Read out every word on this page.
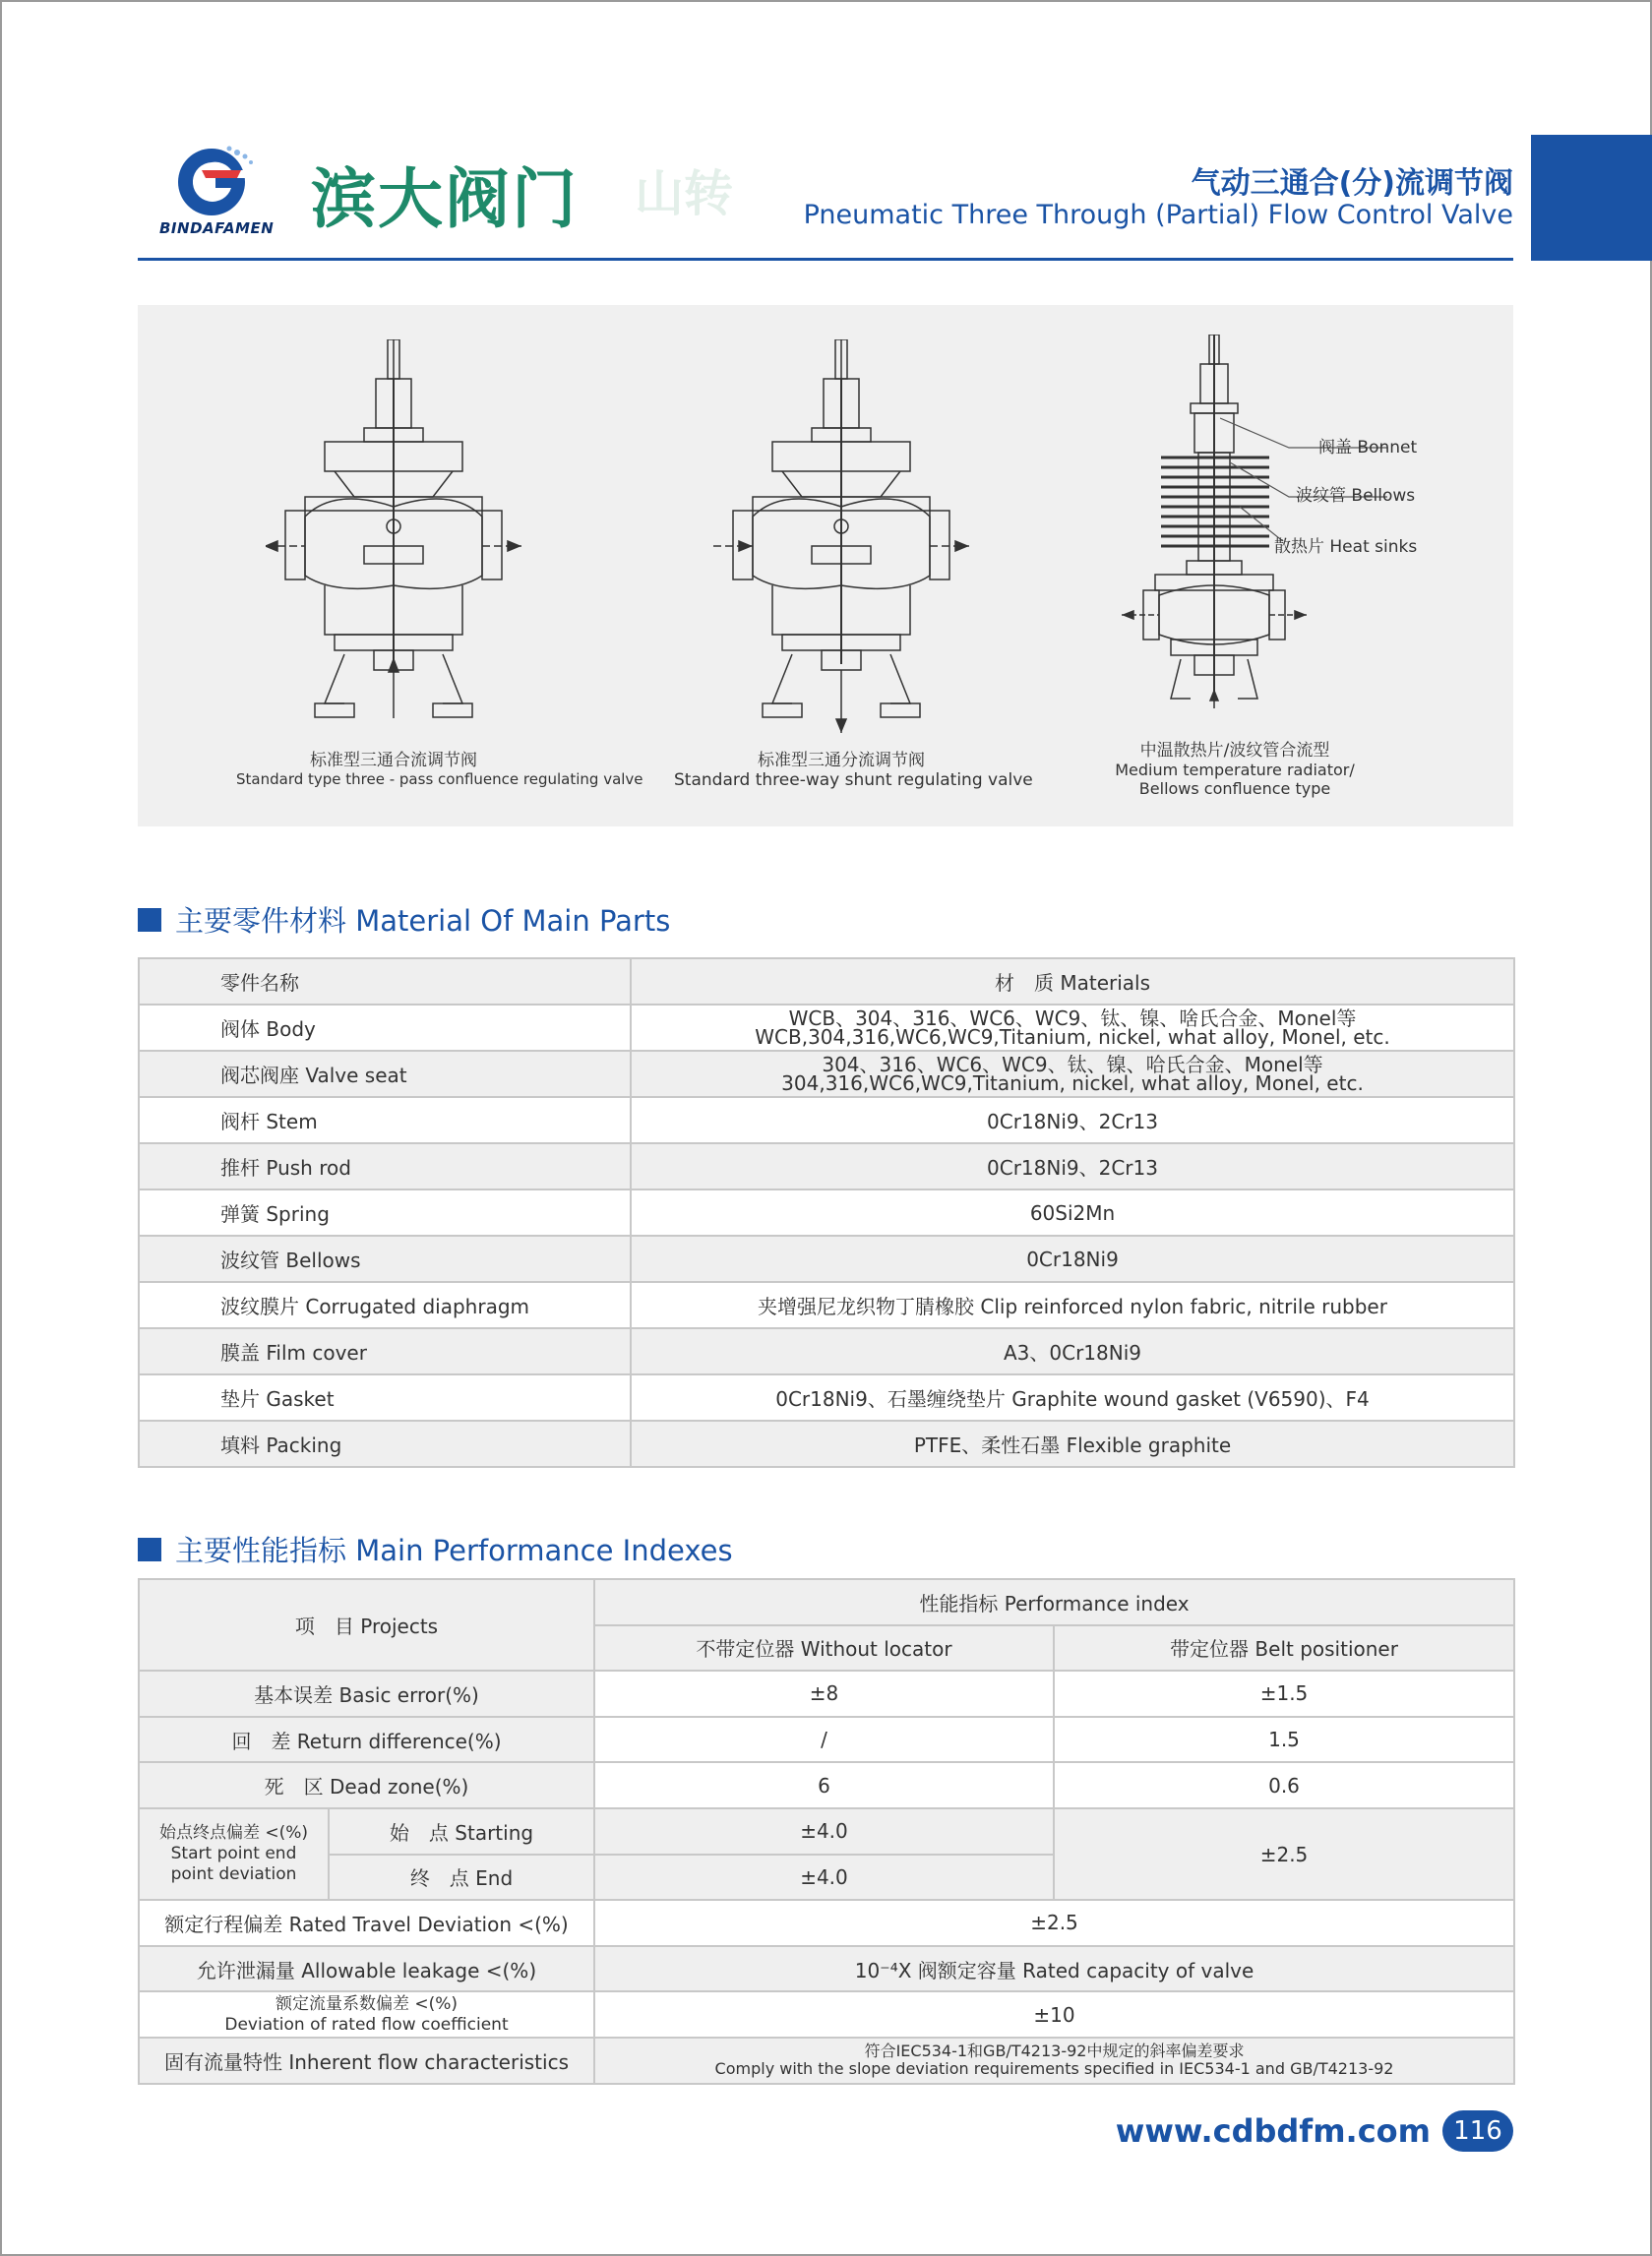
BINDAFAMEN 滨大阀门 山转	气动三通合(分)流调节阀
Pneumatic Three Through (Partial) Flow Control Valve
标准型三通合流调节阀
Standard type three - pass confluence regulating valve
标准型三通分流调节阀
Standard three-way shunt regulating valve
阀盖 Bonnet
波纹管 Bellows
散热片 Heat sinks
中温散热片/波纹管合流型
Medium temperature radiator/
Bellows confluence type
主要零件材料 Material Of Main Parts
零件名称	材　质 Materials
阀体 Body	WCB、304、316、WC6、WC9、钛、镍、啥氏合金、Monel等
WCB,304,316,WC6,WC9,Titanium, nickel, what alloy, Monel, etc.

阀芯阀座 Valve seat	304、316、WC6、WC9、钛、镍、哈氏合金、Monel等
304,316,WC6,WC9,Titanium, nickel, what alloy, Monel, etc.

阀杆 Stem	0Cr18Ni9、2Cr13
推杆 Push rod	0Cr18Ni9、2Cr13
弹簧 Spring	60Si2Mn
波纹管 Bellows	0Cr18Ni9
波纹膜片 Corrugated diaphragm	夹增强尼龙织物丁腈橡胶 Clip reinforced nylon fabric, nitrile rubber
膜盖 Film cover	A3、0Cr18Ni9
垫片 Gasket	0Cr18Ni9、石墨缠绕垫片 Graphite wound gasket (V6590)、F4
填料 Packing	PTFE、柔性石墨 Flexible graphite
主要性能指标 Main Performance Indexes
项　目 Projects		性能指标 Performance index	
		不带定位器 Without locator	带定位器 Belt positioner
基本误差 Basic error(%)		±8	±1.5
回　差 Return difference(%)		/	1.5
死　区 Dead zone(%)		6	0.6

始点终点偏差 <(%)
Start point end
point deviation	始　点 Starting	±4.0	±2.5
	终　点 End	±4.0	
额定行程偏差 Rated Travel Deviation <(%)		±2.5	
允许泄漏量 Allowable leakage <(%)		10⁻⁴X 阀额定容量 Rated capacity of valve	

额定流量系数偏差 <(%)
Deviation of rated flow coefficient		±10	
固有流量特性 Inherent flow characteristics		符合IEC534-1和GB/T4213-92中规定的斜率偏差要求
Comply with the slope deviation requirements specified in IEC534-1 and GB/T4213-92	
www.cdbdfm.com 116
